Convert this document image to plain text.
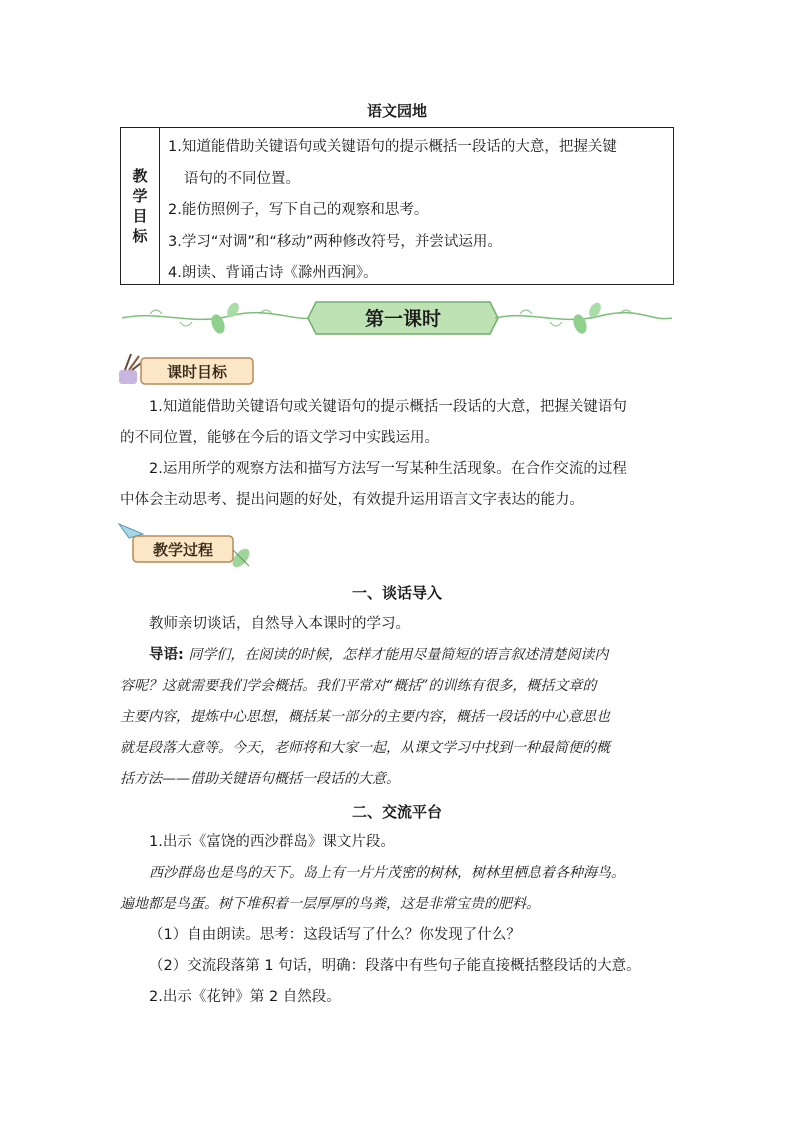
语文园地
教
学
目
标
1.知道能借助关键语句或关键语句的提示概括一段话的大意，把握关键
语句的不同位置。
2.能仿照例子，写下自己的观察和思考。
3.学习“对调”和“移动”两种修改符号，并尝试运用。
4.朗读、背诵古诗《滁州西涧》。
第一课时
课时目标
1.知道能借助关键语句或关键语句的提示概括一段话的大意，把握关键语句
的不同位置，能够在今后的语文学习中实践运用。
2.运用所学的观察方法和描写方法写一写某种生活现象。在合作交流的过程
中体会主动思考、提出问题的好处，有效提升运用语言文字表达的能力。
教学过程
一、谈话导入
教师亲切谈话，自然导入本课时的学习。
导语: 同学们，在阅读的时候，怎样才能用尽量简短的语言叙述清楚阅读内
容呢？这就需要我们学会概括。我们平常对“概括”的训练有很多，概括文章的
主要内容，提炼中心思想，概括某一部分的主要内容，概括一段话的中心意思也
就是段落大意等。今天，老师将和大家一起，从课文学习中找到一种最简便的概
括方法——借助关键语句概括一段话的大意。
二、交流平台
1.出示《富饶的西沙群岛》课文片段。
西沙群岛也是鸟的天下。岛上有一片片茂密的树林，树林里栖息着各种海鸟。
遍地都是鸟蛋。树下堆积着一层厚厚的鸟粪，这是非常宝贵的肥料。
（1）自由朗读。思考：这段话写了什么？你发现了什么？
（2）交流段落第 1 句话，明确：段落中有些句子能直接概括整段话的大意。
2.出示《花钟》第 2 自然段。
